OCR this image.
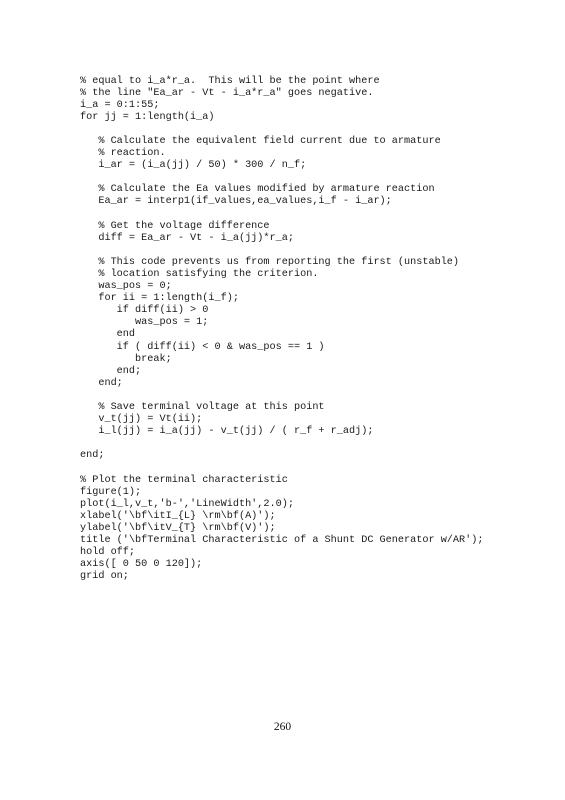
% equal to i_a*r_a.  This will be the point where
% the line "Ea_ar - Vt - i_a*r_a" goes negative.
i_a = 0:1:55;
for jj = 1:length(i_a)
% Calculate the equivalent field current due to armature
% reaction.
i_ar = (i_a(jj) / 50) * 300 / n_f;
% Calculate the Ea values modified by armature reaction
Ea_ar = interp1(if_values,ea_values,i_f - i_ar);
% Get the voltage difference
diff = Ea_ar - Vt - i_a(jj)*r_a;
% This code prevents us from reporting the first (unstable)
% location satisfying the criterion.
was_pos = 0;
for ii = 1:length(i_f);
if diff(ii) > 0
was_pos = 1;
end
if ( diff(ii) < 0 & was_pos == 1 )
break;
end;
end;
% Save terminal voltage at this point
v_t(jj) = Vt(ii);
i_l(jj) = i_a(jj) - v_t(jj) / ( r_f + r_adj);
end;
% Plot the terminal characteristic
figure(1);
plot(i_l,v_t,'b-','LineWidth',2.0);
xlabel('\bf\itI_{L} \rm\bf(A)');
ylabel('\bf\itV_{T} \rm\bf(V)');
title ('\bfTerminal Characteristic of a Shunt DC Generator w/AR');
hold off;
axis([ 0 50 0 120]);
grid on;
260
